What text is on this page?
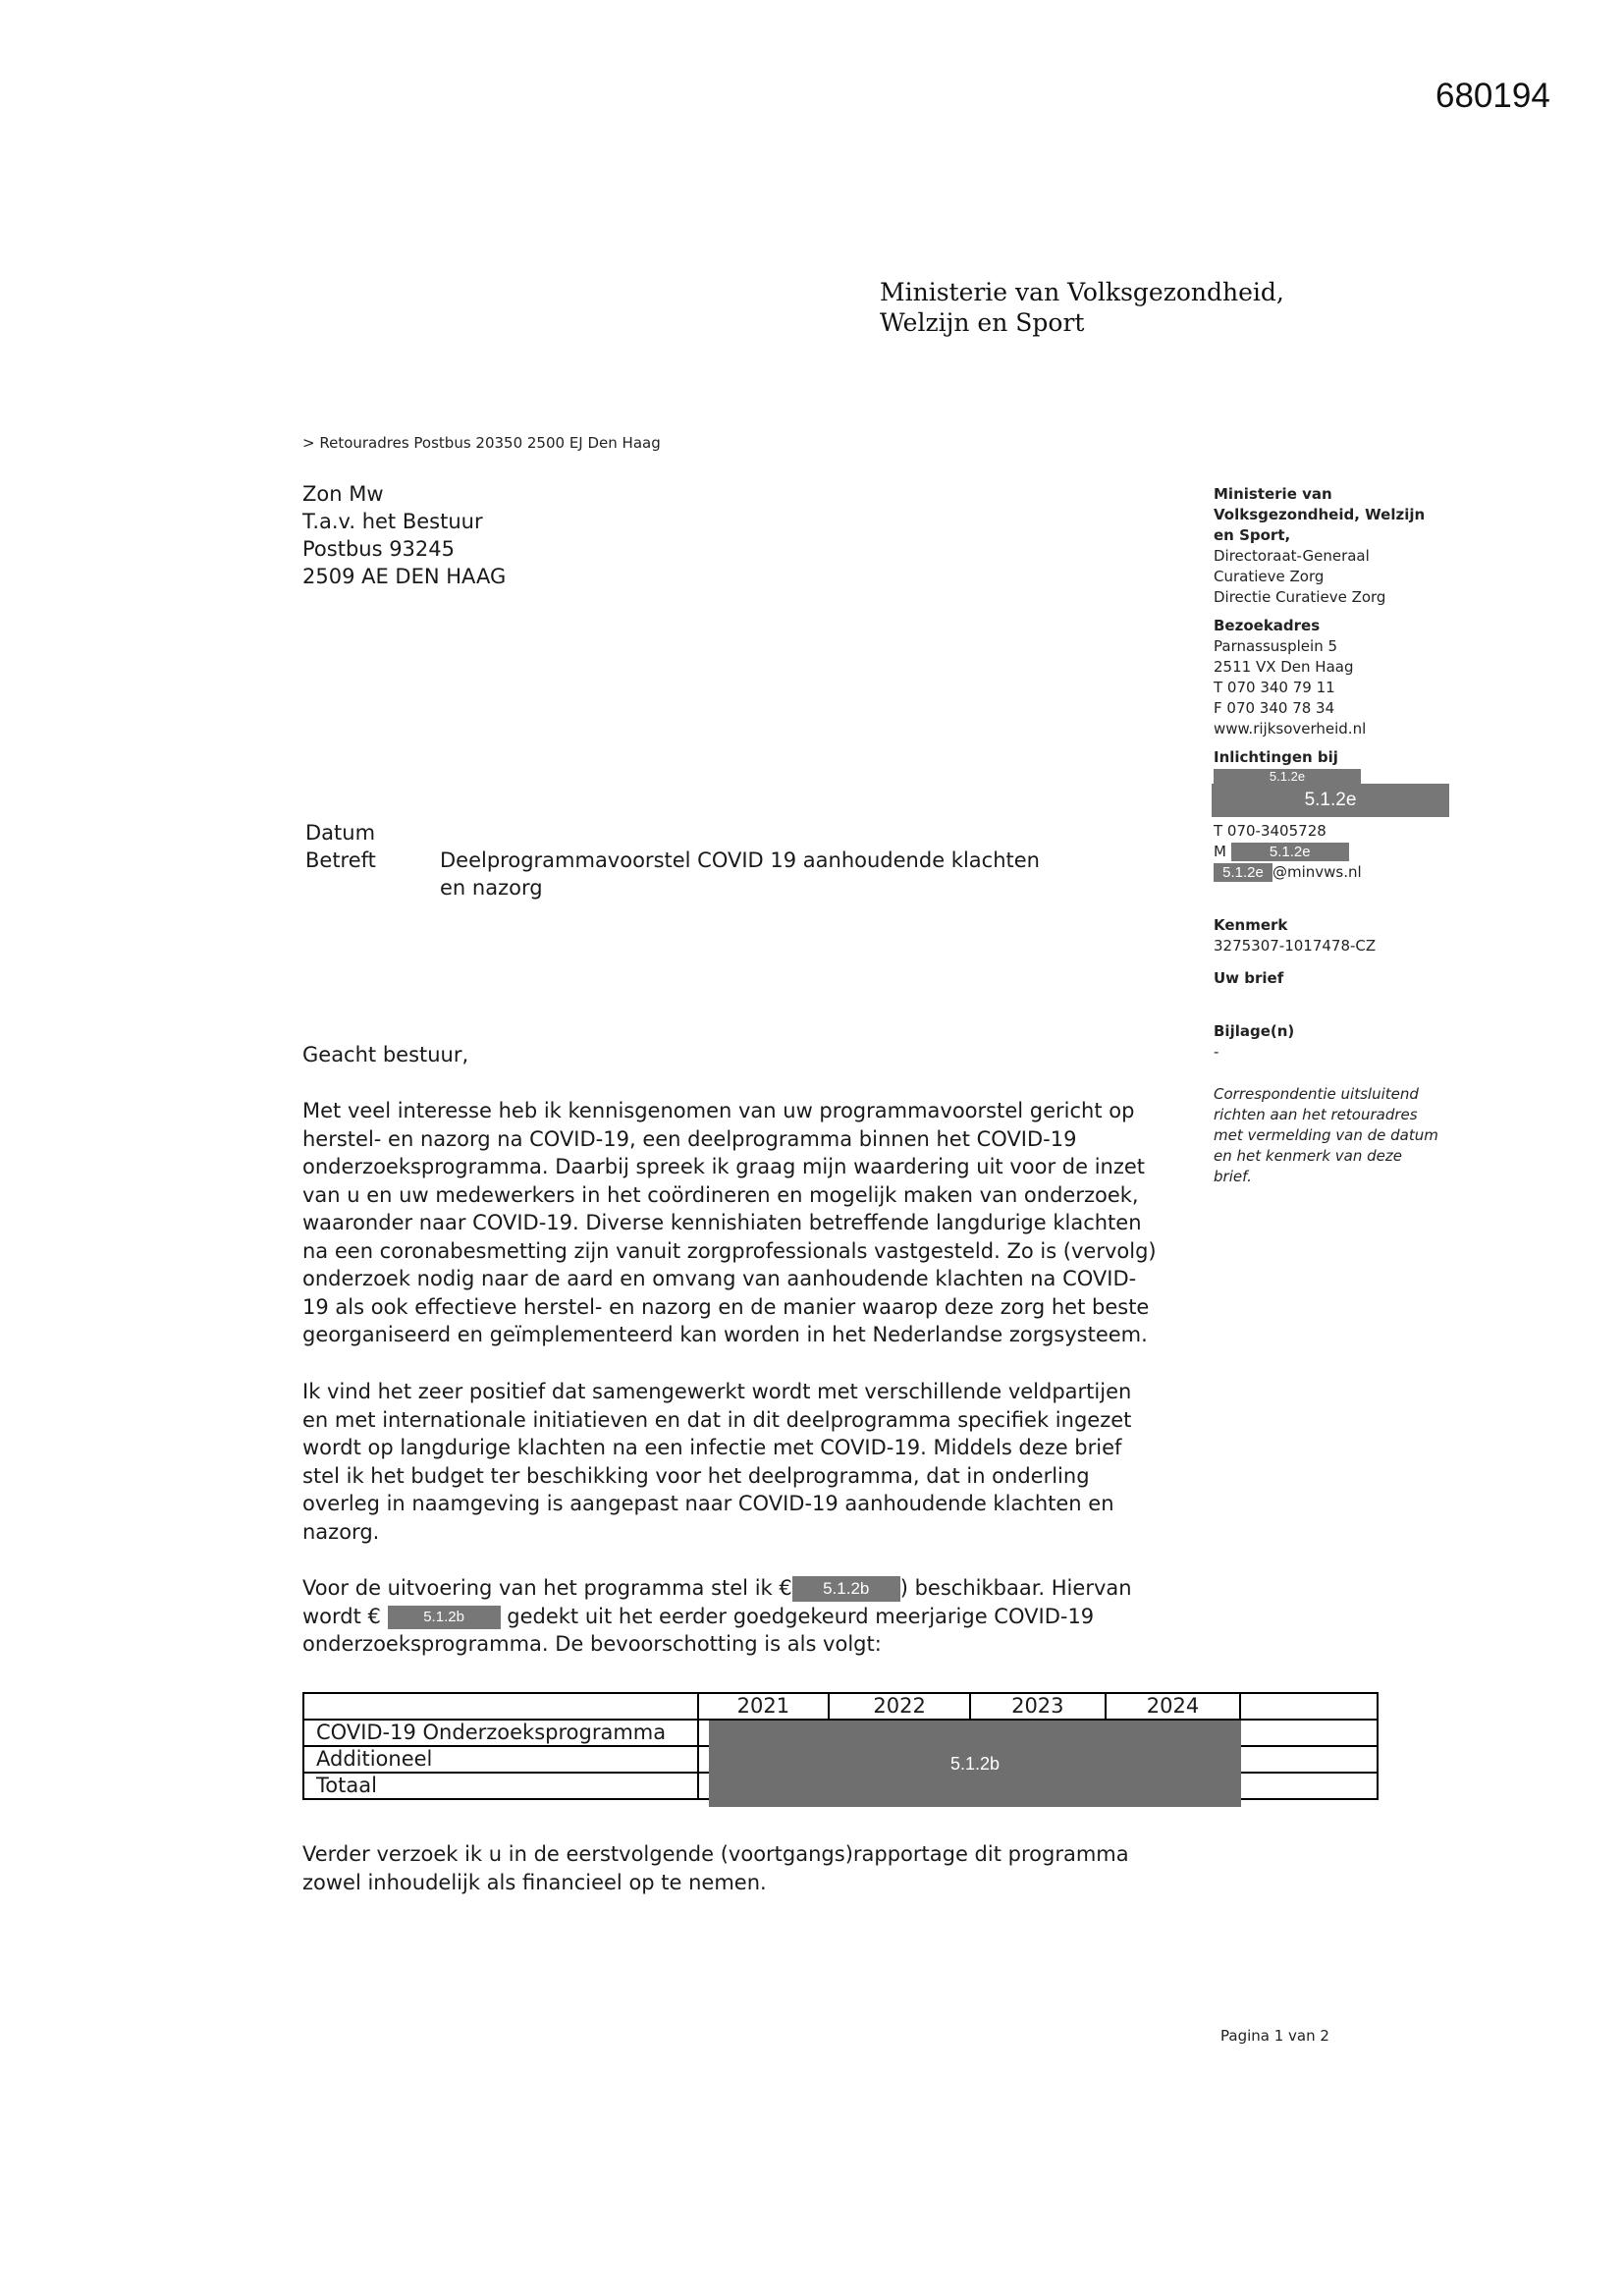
680194
Ministerie van Volksgezondheid,
Welzijn en Sport
> Retouradres Postbus 20350 2500 EJ Den Haag
Zon Mw
T.a.v. het Bestuur
Postbus 93245
2509 AE DEN HAAG
Ministerie van
Volksgezondheid, Welzijn
en Sport,
Directoraat-Generaal
Curatieve Zorg
Directie Curatieve Zorg
Bezoekadres
Parnassusplein 5
2511 VX Den Haag
T 070 340 79 11
F 070 340 78 34
www.rijksoverheid.nl
Inlichtingen bij
5.1.2e
5.1.2e
T 070-3405728
M	5.1.2e
5.1.2e @minvws.nl
Kenmerk
3275307-1017478-CZ
Uw brief
Bijlage(n)
-
Correspondentie uitsluitend
richten aan het retouradres
met vermelding van de datum
en het kenmerk van deze
brief.
Datum
Betreft	Deelprogrammavoorstel COVID 19 aanhoudende klachten
en nazorg
Geacht bestuur,
Met veel interesse heb ik kennisgenomen van uw programmavoorstel gericht op
herstel- en nazorg na COVID-19, een deelprogramma binnen het COVID-19
onderzoeksprogramma. Daarbij spreek ik graag mijn waardering uit voor de inzet
van u en uw medewerkers in het coördineren en mogelijk maken van onderzoek,
waaronder naar COVID-19. Diverse kennishiaten betreffende langdurige klachten
na een coronabesmetting zijn vanuit zorgprofessionals vastgesteld. Zo is (vervolg)
onderzoek nodig naar de aard en omvang van aanhoudende klachten na COVID-
19 als ook effectieve herstel- en nazorg en de manier waarop deze zorg het beste
georganiseerd en geïmplementeerd kan worden in het Nederlandse zorgsysteem.
Ik vind het zeer positief dat samengewerkt wordt met verschillende veldpartijen
en met internationale initiatieven en dat in dit deelprogramma specifiek ingezet
wordt op langdurige klachten na een infectie met COVID-19. Middels deze brief
stel ik het budget ter beschikking voor het deelprogramma, dat in onderling
overleg in naamgeving is aangepast naar COVID-19 aanhoudende klachten en
nazorg.
Voor de uitvoering van het programma stel ik € 5.1.2b ) beschikbaar. Hiervan
wordt €	5.1.2b gedekt uit het eerder goedgekeurd meerjarige COVID-19
onderzoeksprogramma. De bevoorschotting is als volgt:
	2021	2022	2023	2024	
COVID-19 Onderzoeksprogramma					
Additioneel					
Totaal					
5.1.2b
Verder verzoek ik u in de eerstvolgende (voortgangs)rapportage dit programma
zowel inhoudelijk als financieel op te nemen.
Pagina 1 van 2
